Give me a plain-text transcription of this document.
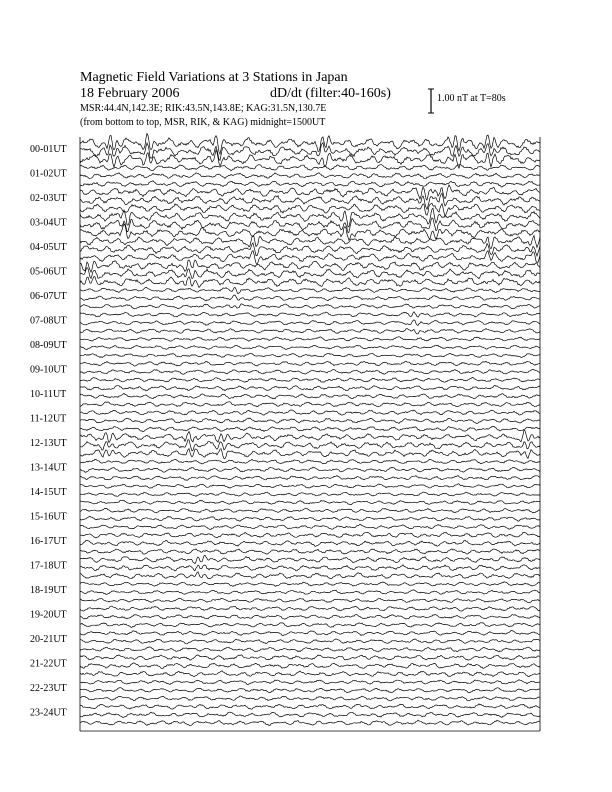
Magnetic Field Variations at 3 Stations in Japan
18 February 2006	dD/dt (filter:40-160s)
MSR:44.4N,142.3E; RIK:43.5N,143.8E; KAG:31.5N,130.7E
(from bottom to top, MSR, RIK, & KAG) midnight=1500UT
1.00 nT at T=80s
00-01UT
01-02UT
02-03UT
03-04UT
04-05UT
05-06UT
06-07UT
07-08UT
08-09UT
09-10UT
10-11UT
11-12UT
12-13UT
13-14UT
14-15UT
15-16UT
16-17UT
17-18UT
18-19UT
19-20UT
20-21UT
21-22UT
22-23UT
23-24UT
